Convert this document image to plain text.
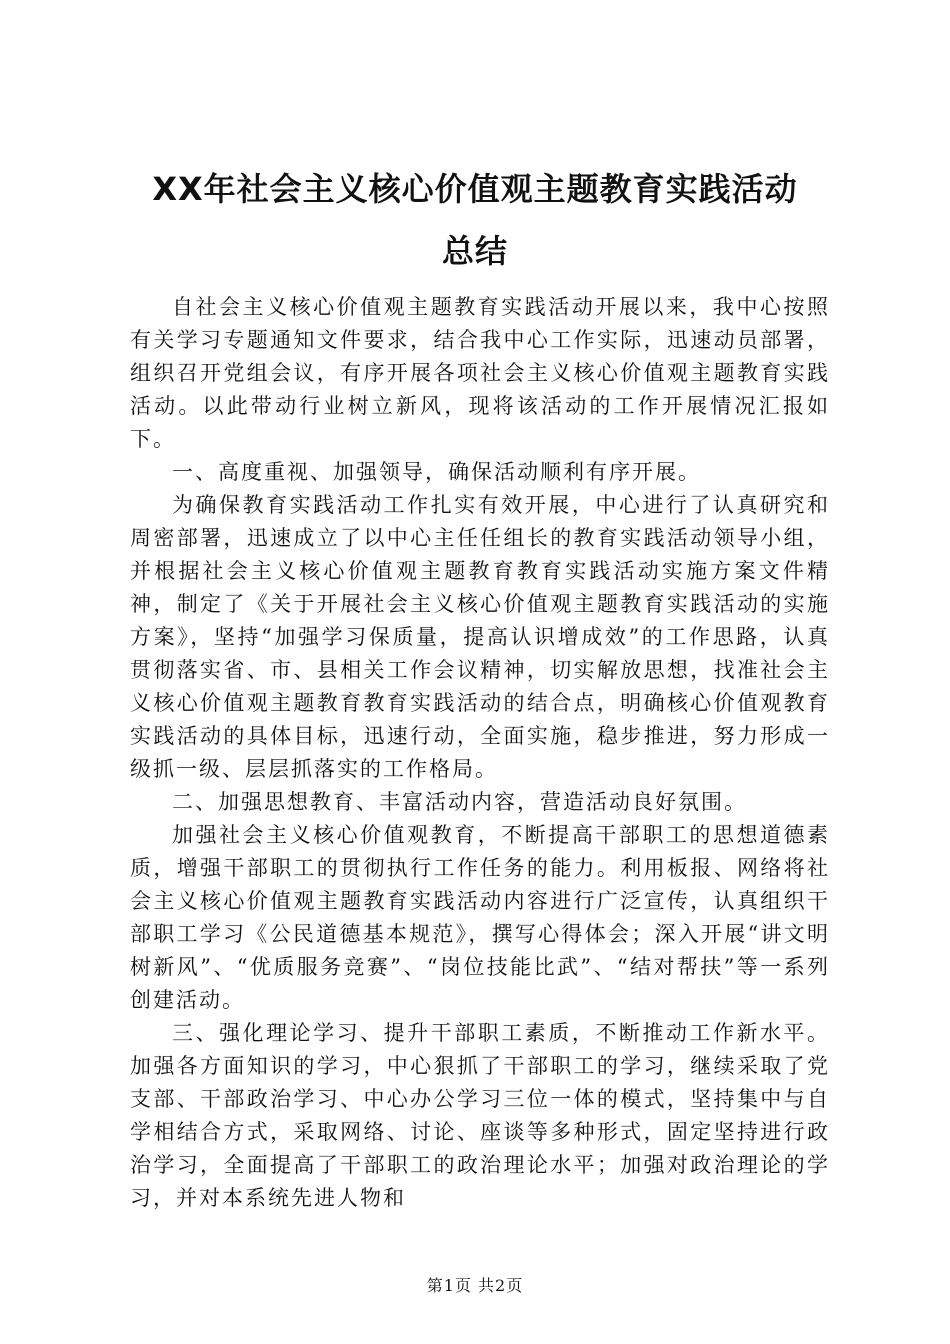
XX年社会主义核心价值观主题教育实践活动
总结

自社会主义核心价值观主题教育实践活动开展以来，我中心按照有关学习专题通知文件要求，结合我中心工作实际，迅速动员部署，组织召开党组会议，有序开展各项社会主义核心价值观主题教育实践活动。以此带动行业树立新风，现将该活动的工作开展情况汇报如下。

一、高度重视、加强领导，确保活动顺利有序开展。

为确保教育实践活动工作扎实有效开展，中心进行了认真研究和周密部署，迅速成立了以中心主任任组长的教育实践活动领导小组，并根据社会主义核心价值观主题教育教育实践活动实施方案文件精神，制定了《关于开展社会主义核心价值观主题教育实践活动的实施方案》，坚持“加强学习保质量，提高认识增成效”的工作思路，认真贯彻落实省、市、县相关工作会议精神，切实解放思想，找准社会主义核心价值观主题教育教育实践活动的结合点，明确核心价值观教育实践活动的具体目标，迅速行动，全面实施，稳步推进，努力形成一级抓一级、层层抓落实的工作格局。

二、加强思想教育、丰富活动内容，营造活动良好氛围。

加强社会主义核心价值观教育，不断提高干部职工的思想道德素质，增强干部职工的贯彻执行工作任务的能力。利用板报、网络将社会主义核心价值观主题教育实践活动内容进行广泛宣传，认真组织干部职工学习《公民道德基本规范》，撰写心得体会；深入开展“讲文明树新风”、“优质服务竞赛”、“岗位技能比武”、“结对帮扶”等一系列创建活动。

三、强化理论学习、提升干部职工素质，不断推动工作新水平。加强各方面知识的学习，中心狠抓了干部职工的学习，继续采取了党支部、干部政治学习、中心办公学习三位一体的模式，坚持集中与自学相结合方式，采取网络、讨论、座谈等多种形式，固定坚持进行政治学习，全面提高了干部职工的政治理论水平；加强对政治理论的学习，并对本系统先进人物和

第1页 共2页
